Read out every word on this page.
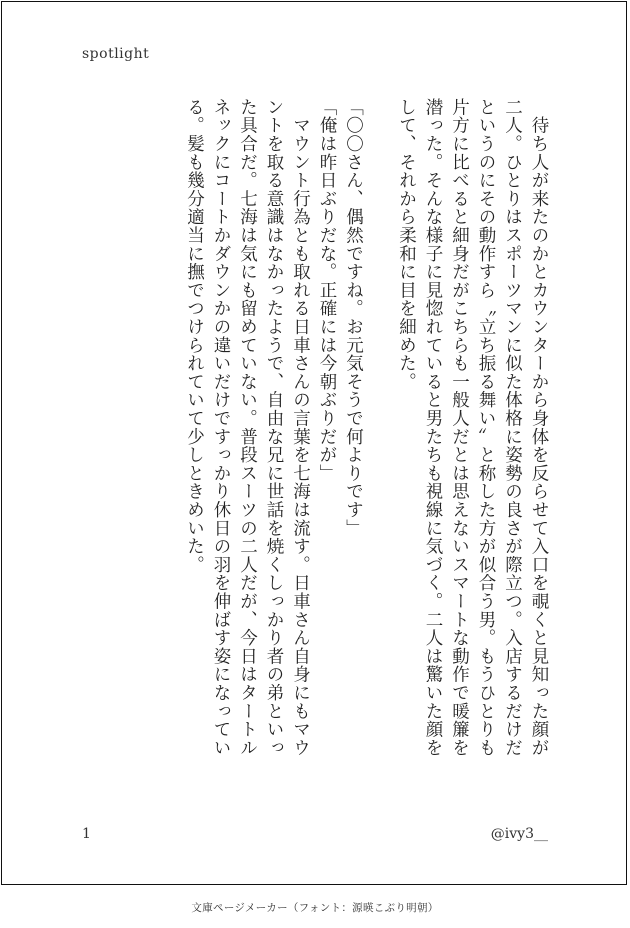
spotlight
　待ち人が来たのかとカウンターから身体を反らせて入口を覗くと見知った顔が
二人。ひとりはスポーツマンに似た体格に姿勢の良さが際立つ。入店するだけだ
というのにその動作すら〝立ち振る舞い〟と称した方が似合う男。もうひとりも
片方に比べると細身だがこちらも一般人だとは思えないスマートな動作で暖簾を
潜った。そんな様子に見惚れていると男たちも視線に気づく。二人は驚いた顔を
して、それから柔和に目を細めた。
「〇〇さん、偶然ですね。お元気そうで何よりです」
「俺は昨日ぶりだな。正確には今朝ぶりだが」
　マウント行為とも取れる日車さんの言葉を七海は流す。日車さん自身にもマウ
ントを取る意識はなかったようで、自由な兄に世話を焼くしっかり者の弟といっ
た具合だ。七海は気にも留めていない。普段スーツの二人だが、今日はタートル
ネックにコートかダウンかの違いだけですっかり休日の羽を伸ばす姿になってい
る。髪も幾分適当に撫でつけられていて少しときめいた。
1	@ivy3__
文庫ページメーカー（フォント：源暎こぶり明朝）
